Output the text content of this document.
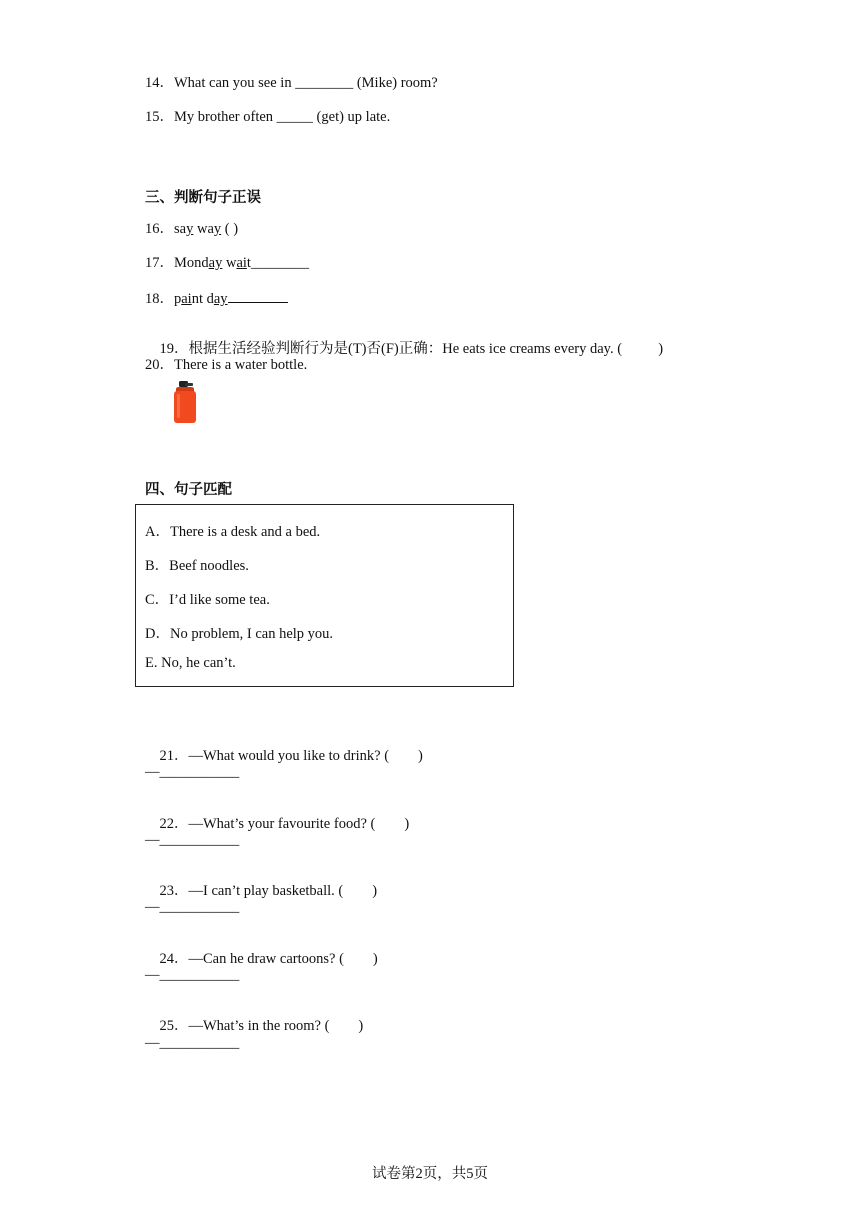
14．What can you see in ________ (Mike) room?
15．My brother often _____ (get) up late.
三、判断句子正误
16．say way ( )
17．Monday wait________
18．paint day

19．根据生活经验判断行为是(T)否(F)正确：He eats ice creams every day. (          )

20．There is a water bottle.
四、句子匹配
A．There is a desk and a bed.
B．Beef noodles.
C．I’d like some tea.
D．No problem, I can help you.
E. No, he can’t.

21．—What would you like to drink? (        )

—___________

22．—What’s your favourite food? (        )

—___________

23．—I can’t play basketball. (        )

—___________

24．—Can he draw cartoons? (        )

—___________

25．—What’s in the room? (        )

—___________
试卷第2页，共5页
